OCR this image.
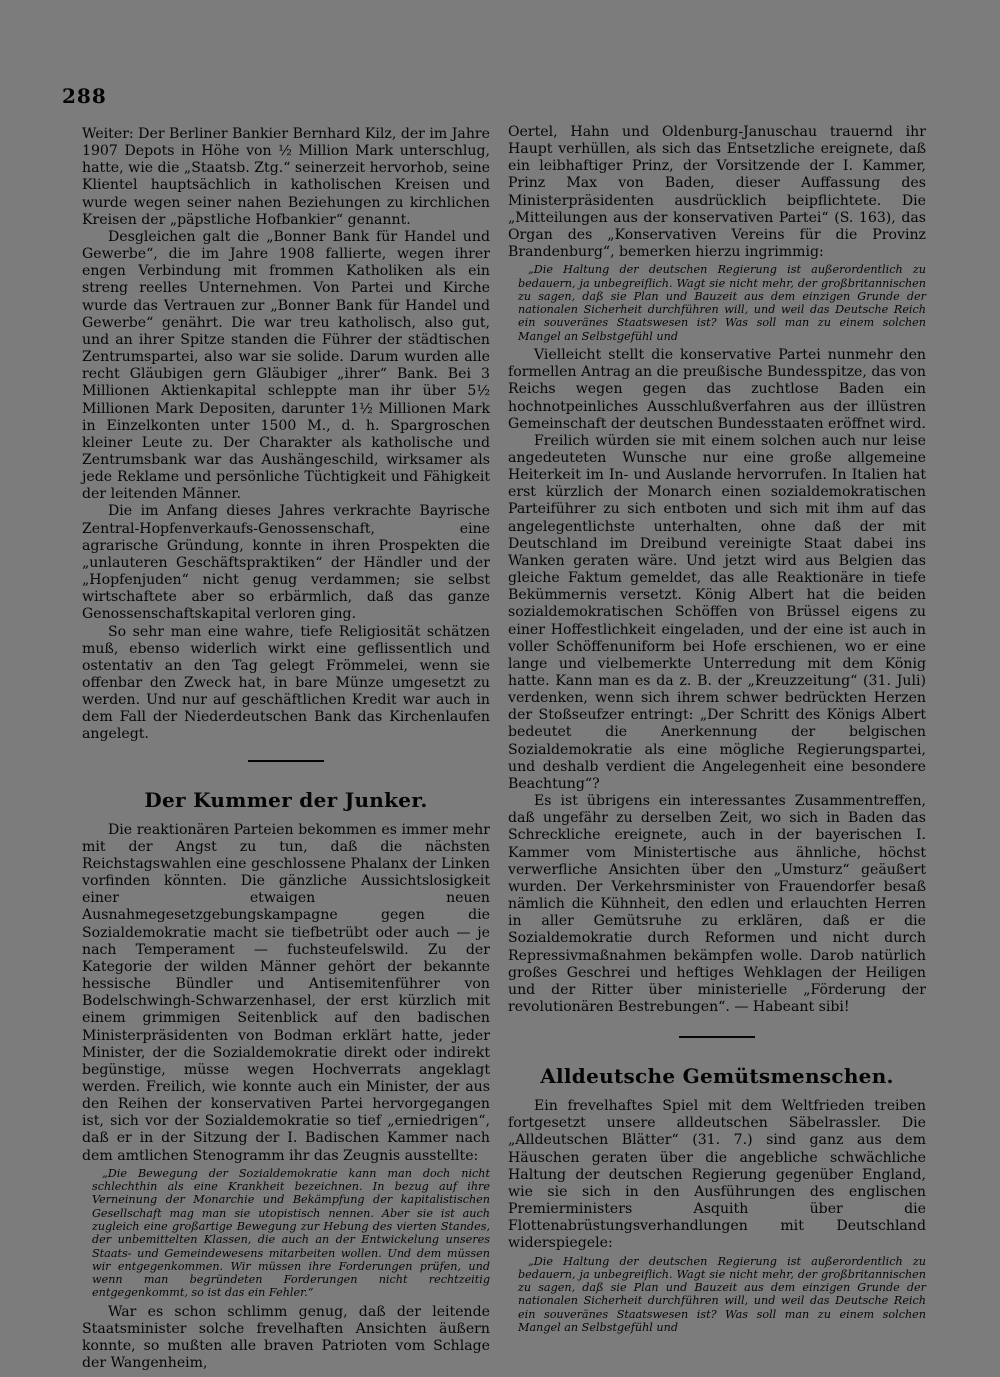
288

Weiter: Der Berliner Bankier Bernhard Kilz, der im Jahre 1907 Depots in Höhe von ½ Million Mark unterschlug, hatte, wie die „Staatsb. Ztg.“ seinerzeit hervorhob, seine Klientel hauptsächlich in katholischen Kreisen und wurde wegen seiner nahen Beziehungen zu kirchlichen Kreisen der „päpstliche Hofbankier“ genannt.

Desgleichen galt die „Bonner Bank für Handel und Gewerbe“, die im Jahre 1908 fallierte, wegen ihrer engen Verbindung mit frommen Katholiken als ein streng reelles Unternehmen. Von Partei und Kirche wurde das Vertrauen zur „Bonner Bank für Handel und Gewerbe“ genährt. Die war treu katholisch, also gut, und an ihrer Spitze standen die Führer der städtischen Zentrumspartei, also war sie solide. Darum wurden alle recht Gläubigen gern Gläubiger „ihrer“ Bank. Bei 3 Millionen Aktienkapital schleppte man ihr über 5½ Millionen Mark Depositen, darunter 1½ Millionen Mark in Einzelkonten unter 1500 M., d. h. Spargroschen kleiner Leute zu. Der Charakter als katholische und Zentrumsbank war das Aushängeschild, wirksamer als jede Reklame und persönliche Tüchtigkeit und Fähigkeit der leitenden Männer.

Die im Anfang dieses Jahres verkrachte Bayrische Zentral-Hopfenverkaufs-Genossenschaft, eine agrarische Gründung, konnte in ihren Prospekten die „unlauteren Geschäftspraktiken“ der Händler und der „Hopfenjuden“ nicht genug verdammen; sie selbst wirtschaftete aber so erbärmlich, daß das ganze Genossenschaftskapital verloren ging.

So sehr man eine wahre, tiefe Religiosität schätzen muß, ebenso widerlich wirkt eine geflissentlich und ostentativ an den Tag gelegt Frömmelei, wenn sie offenbar den Zweck hat, in bare Münze umgesetzt zu werden. Und nur auf geschäftlichen Kredit war auch in dem Fall der Niederdeutschen Bank das Kirchenlaufen angelegt.

Der Kummer der Junker.

Die reaktionären Parteien bekommen es immer mehr mit der Angst zu tun, daß die nächsten Reichstagswahlen eine geschlossene Phalanx der Linken vorfinden könnten. Die gänzliche Aussichtslosigkeit einer etwaigen neuen Ausnahmegesetzgebungskampagne gegen die Sozialdemokratie macht sie tiefbetrübt oder auch — je nach Temperament — fuchsteufelswild. Zu der Kategorie der wilden Männer gehört der bekannte hessische Bündler und Antisemitenführer von Bodelschwingh-Schwarzenhasel, der erst kürzlich mit einem grimmigen Seitenblick auf den badischen Ministerpräsidenten von Bodman erklärt hatte, jeder Minister, der die Sozialdemokratie direkt oder indirekt begünstige, müsse wegen Hochverrats angeklagt werden. Freilich, wie konnte auch ein Minister, der aus den Reihen der konservativen Partei hervorgegangen ist, sich vor der Sozialdemokratie so tief „erniedrigen“, daß er in der Sitzung der I. Badischen Kammer nach dem amtlichen Stenogramm ihr das Zeugnis ausstellte:

„Die Bewegung der Sozialdemokratie kann man doch nicht schlechthin als eine Krankheit bezeichnen. In bezug auf ihre Verneinung der Monarchie und Bekämpfung der kapitalistischen Gesellschaft mag man sie utopistisch nennen. Aber sie ist auch zugleich eine großartige Bewegung zur Hebung des vierten Standes, der unbemittelten Klassen, die auch an der Entwickelung unseres Staats- und Gemeindewesens mitarbeiten wollen. Und dem müssen wir entgegenkommen. Wir müssen ihre Forderungen prüfen, und wenn man begründeten Forderungen nicht rechtzeitig entgegenkommt, so ist das ein Fehler.“

War es schon schlimm genug, daß der leitende Staatsminister solche frevelhaften Ansichten äußern konnte, so mußten alle braven Patrioten vom Schlage der Wangenheim,

Oertel, Hahn und Oldenburg-Januschau trauernd ihr Haupt verhüllen, als sich das Entsetzliche ereignete, daß ein leibhaftiger Prinz, der Vorsitzende der I. Kammer, Prinz Max von Baden, dieser Auffassung des Ministerpräsidenten ausdrücklich beipflichtete. Die „Mitteilungen aus der konservativen Partei“ (S. 163), das Organ des „Konservativen Vereins für die Provinz Brandenburg“, bemerken hierzu ingrimmig:

„Die Haltung der deutschen Regierung ist außerordentlich zu bedauern, ja unbegreiflich. Wagt sie nicht mehr, der großbritannischen zu sagen, daß sie Plan und Bauzeit aus dem einzigen Grunde der nationalen Sicherheit durchführen will, und weil das Deutsche Reich ein souveränes Staatswesen ist? Was soll man zu einem solchen Mangel an Selbstgefühl und

Vielleicht stellt die konservative Partei nunmehr den formellen Antrag an die preußische Bundesspitze, das von Reichs wegen gegen das zuchtlose Baden ein hochnotpeinliches Ausschlußverfahren aus der illüstren Gemeinschaft der deutschen Bundesstaaten eröffnet wird.

Freilich würden sie mit einem solchen auch nur leise angedeuteten Wunsche nur eine große allgemeine Heiterkeit im In- und Auslande hervorrufen. In Italien hat erst kürzlich der Monarch einen sozialdemokratischen Parteiführer zu sich entboten und sich mit ihm auf das angelegentlichste unterhalten, ohne daß der mit Deutschland im Dreibund vereinigte Staat dabei ins Wanken geraten wäre. Und jetzt wird aus Belgien das gleiche Faktum gemeldet, das alle Reaktionäre in tiefe Bekümmernis versetzt. König Albert hat die beiden sozialdemokratischen Schöffen von Brüssel eigens zu einer Hoffestlichkeit eingeladen, und der eine ist auch in voller Schöffenuniform bei Hofe erschienen, wo er eine lange und vielbemerkte Unterredung mit dem König hatte. Kann man es da z. B. der „Kreuzzeitung“ (31. Juli) verdenken, wenn sich ihrem schwer bedrückten Herzen der Stoßseufzer entringt: „Der Schritt des Königs Albert bedeutet die Anerkennung der belgischen Sozialdemokratie als eine mögliche Regierungspartei, und deshalb verdient die Angelegenheit eine besondere Beachtung“?

Es ist übrigens ein interessantes Zusammentreffen, daß ungefähr zu derselben Zeit, wo sich in Baden das Schreckliche ereignete, auch in der bayerischen I. Kammer vom Ministertische aus ähnliche, höchst verwerfliche Ansichten über den „Umsturz“ geäußert wurden. Der Verkehrsminister von Frauendorfer besaß nämlich die Kühnheit, den edlen und erlauchten Herren in aller Gemütsruhe zu erklären, daß er die Sozialdemokratie durch Reformen und nicht durch Repressivmaßnahmen bekämpfen wolle. Darob natürlich großes Geschrei und heftiges Wehklagen der Heiligen und der Ritter über ministerielle „Förderung der revolutionären Bestrebungen“. — Habeant sibi!

Alldeutsche Gemütsmenschen.

Ein frevelhaftes Spiel mit dem Weltfrieden treiben fortgesetzt unsere alldeutschen Säbelrassler. Die „Alldeutschen Blätter“ (31. 7.) sind ganz aus dem Häuschen geraten über die angebliche schwächliche Haltung der deutschen Regierung gegenüber England, wie sie sich in den Ausführungen des englischen Premierministers Asquith über die Flottenabrüstungsverhandlungen mit Deutschland widerspiegele:

„Die Haltung der deutschen Regierung ist außerordentlich zu bedauern, ja unbegreiflich. Wagt sie nicht mehr, der großbritannischen zu sagen, daß sie Plan und Bauzeit aus dem einzigen Grunde der nationalen Sicherheit durchführen will, und weil das Deutsche Reich ein souveränes Staatswesen ist? Was soll man zu einem solchen Mangel an Selbstgefühl und
